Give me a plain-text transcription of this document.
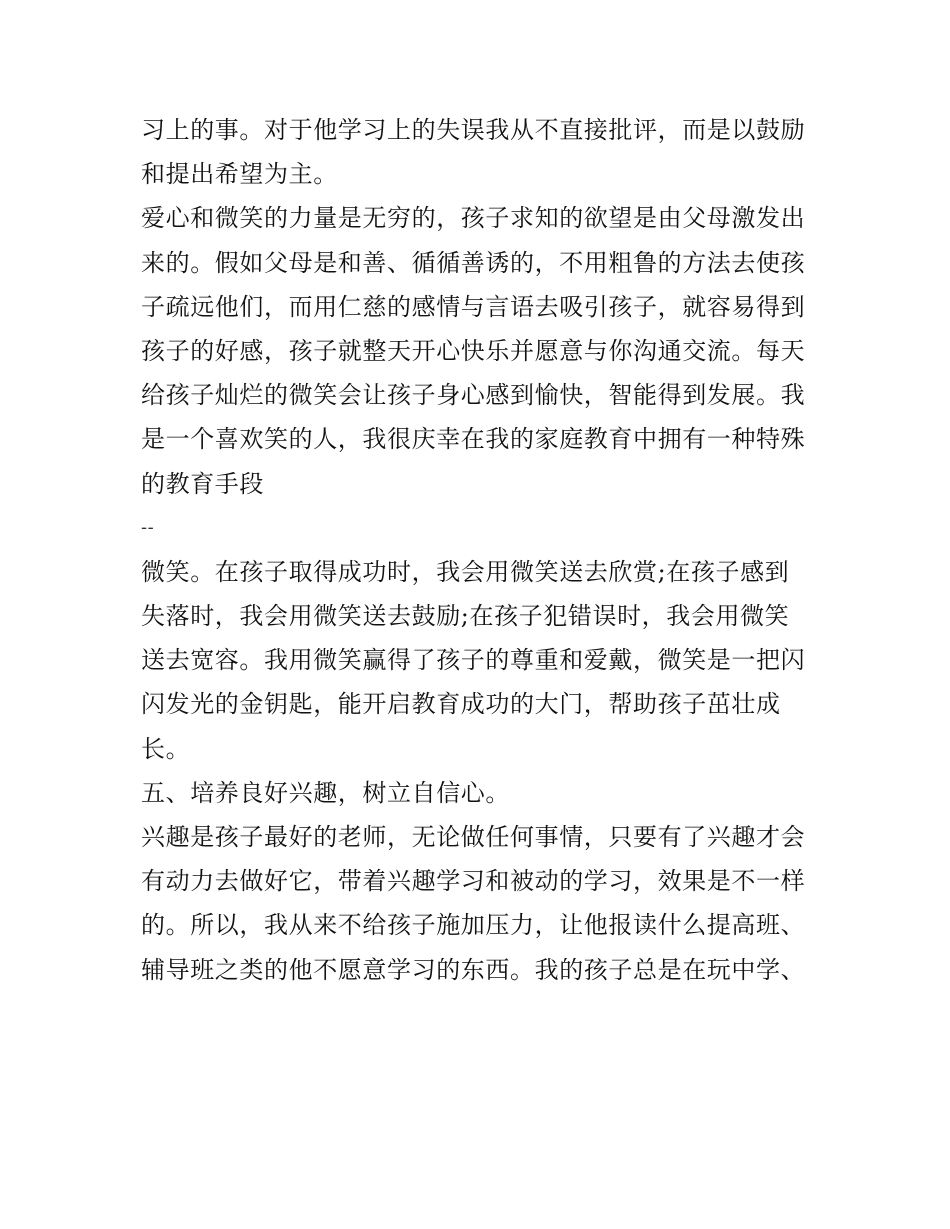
习上的事。对于他学习上的失误我从不直接批评，而是以鼓励
和提出希望为主。
爱心和微笑的力量是无穷的，孩子求知的欲望是由父母激发出
来的。假如父母是和善、循循善诱的，不用粗鲁的方法去使孩
子疏远他们，而用仁慈的感情与言语去吸引孩子，就容易得到
孩子的好感，孩子就整天开心快乐并愿意与你沟通交流。每天
给孩子灿烂的微笑会让孩子身心感到愉快，智能得到发展。我
是一个喜欢笑的人，我很庆幸在我的家庭教育中拥有一种特殊
的教育手段
--
微笑。在孩子取得成功时，我会用微笑送去欣赏;在孩子感到
失落时，我会用微笑送去鼓励;在孩子犯错误时，我会用微笑
送去宽容。我用微笑赢得了孩子的尊重和爱戴，微笑是一把闪
闪发光的金钥匙，能开启教育成功的大门，帮助孩子茁壮成
长。
五、培养良好兴趣，树立自信心。
兴趣是孩子最好的老师，无论做任何事情，只要有了兴趣才会
有动力去做好它，带着兴趣学习和被动的学习，效果是不一样
的。所以，我从来不给孩子施加压力，让他报读什么提高班、
辅导班之类的他不愿意学习的东西。我的孩子总是在玩中学、
